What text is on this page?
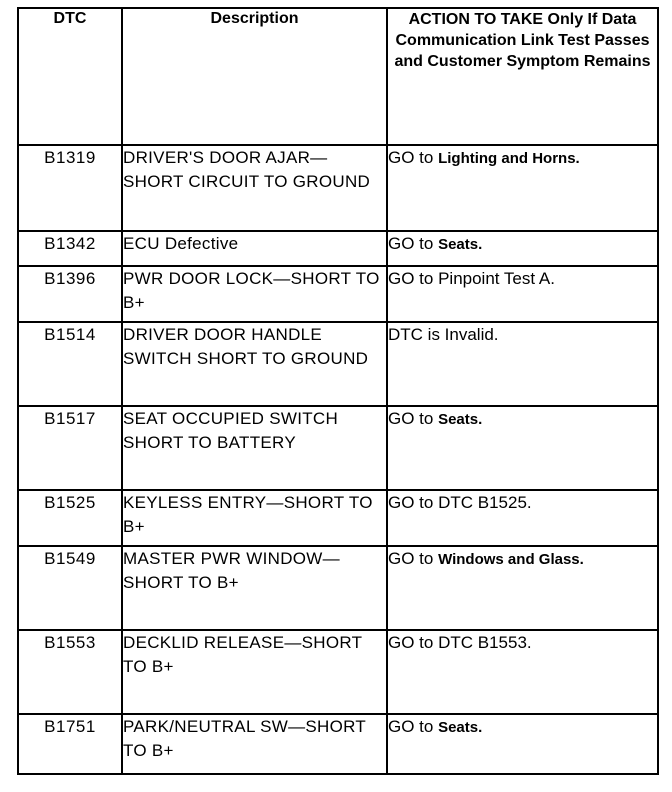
DTC	Description	ACTION TO TAKE Only If Data Communication Link Test Passes and Customer Symptom Remains
B1319	DRIVER'S DOOR AJAR—SHORT CIRCUIT TO GROUND	GO to Lighting and Horns.
B1342	ECU Defective	GO to Seats.
B1396	PWR DOOR LOCK—SHORT TO B+	GO to Pinpoint Test A.
B1514	DRIVER DOOR HANDLE SWITCH SHORT TO GROUND	DTC is Invalid.
B1517	SEAT OCCUPIED SWITCH SHORT TO BATTERY	GO to Seats.
B1525	KEYLESS ENTRY—SHORT TO B+	GO to DTC B1525.
B1549	MASTER PWR WINDOW—SHORT TO B+	GO to Windows and Glass.
B1553	DECKLID RELEASE—SHORT TO B+	GO to DTC B1553.
B1751	PARK/NEUTRAL SW—SHORT TO B+	GO to Seats.
